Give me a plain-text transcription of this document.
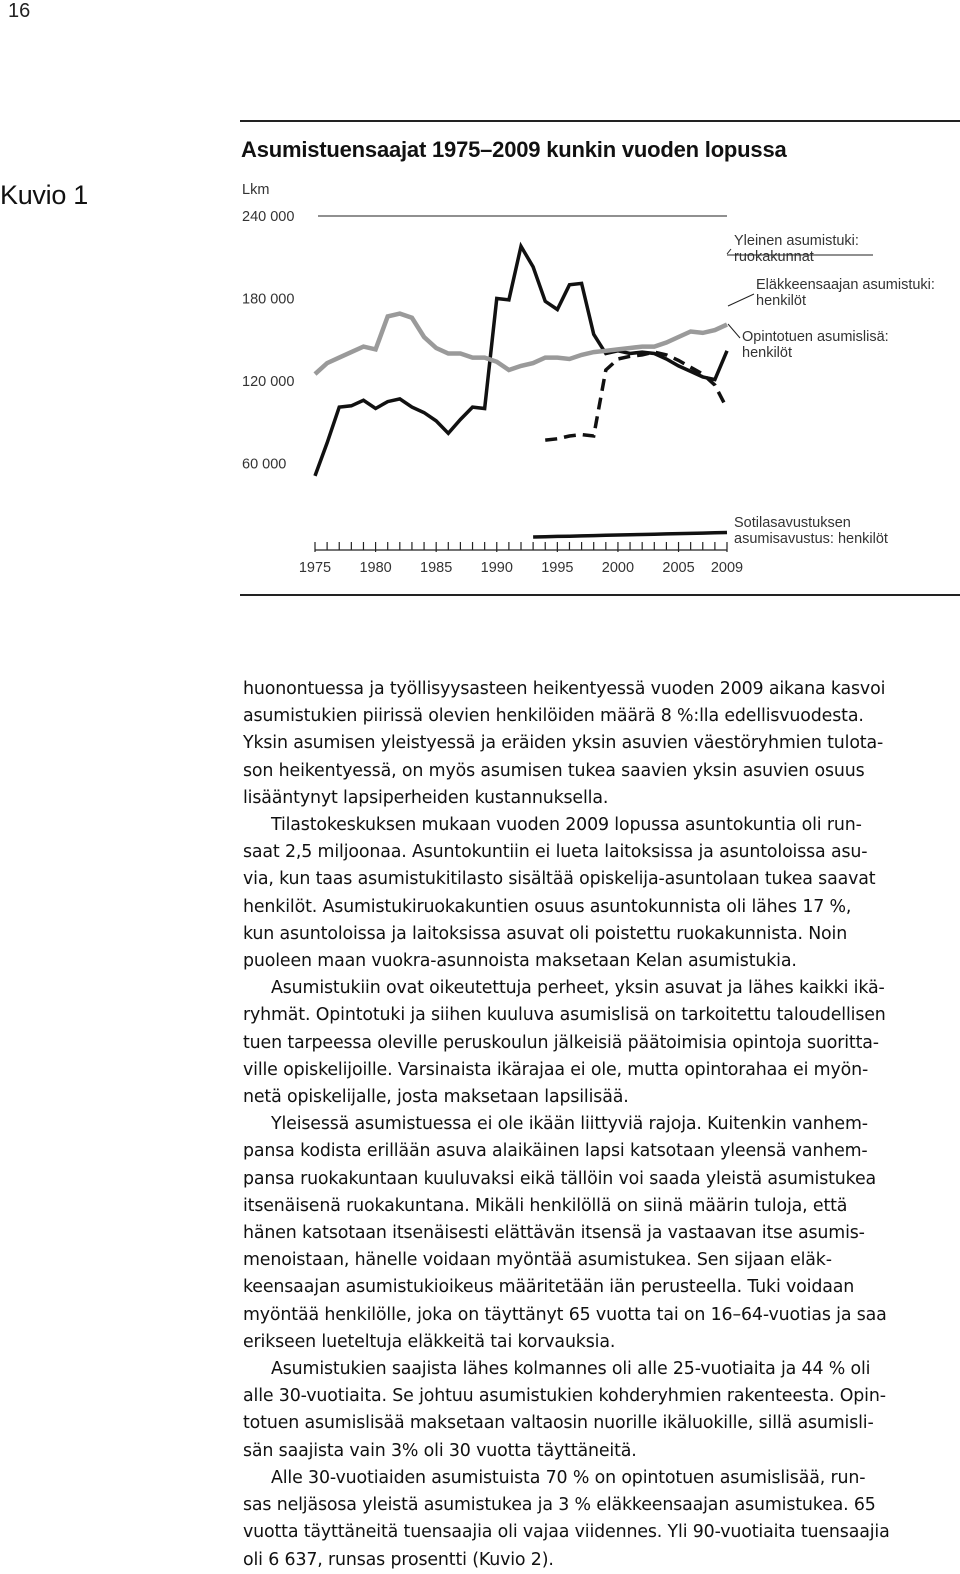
16
Kuvio 1
Asumistuensaajat 1975–2009 kunkin vuoden lopussa
Lkm
60 000
120 000
180 000
240 000
1975 1980 1985 1990 1995 2000 2005 2009
Yleinen asumistuki:
ruokakunnat
Eläkkeensaajan asumistuki:
henkilöt
Opintotuen asumislisä:
henkilöt
Sotilasavustuksen
asumisavustus: henkilöt
huonontuessa ja työllisyysasteen heikentyessä vuoden 2009 aikana kasvoi
asumistukien piirissä olevien henkilöiden määrä 8 %:lla edellisvuodesta.
Yksin asumisen yleistyessä ja eräiden yksin asuvien väestöryhmien tulota-
son heikentyessä, on myös asumisen tukea saavien yksin asuvien osuus
lisääntynyt lapsiperheiden kustannuksella.
Tilastokeskuksen mukaan vuoden 2009 lopussa asuntokuntia oli run-
saat 2,5 miljoonaa. Asuntokuntiin ei lueta laitoksissa ja asuntoloissa asu-
via, kun taas asumistukitilasto sisältää opiskelija-asuntolaan tukea saavat
henkilöt. Asumistukiruokakuntien osuus asuntokunnista oli lähes 17 %,
kun asuntoloissa ja laitoksissa asuvat oli poistettu ruokakunnista. Noin
puoleen maan vuokra-asunnoista maksetaan Kelan asumistukia.
Asumistukiin ovat oikeutettuja perheet, yksin asuvat ja lähes kaikki ikä-
ryhmät. Opintotuki ja siihen kuuluva asumislisä on tarkoitettu taloudellisen
tuen tarpeessa oleville peruskoulun jälkeisiä päätoimisia opintoja suoritta-
ville opiskelijoille. Varsinaista ikärajaa ei ole, mutta opintorahaa ei myön-
netä opiskelijalle, josta maksetaan lapsilisää.
Yleisessä asumistuessa ei ole ikään liittyviä rajoja. Kuitenkin vanhem-
pansa kodista erillään asuva alaikäinen lapsi katsotaan yleensä vanhem-
pansa ruokakuntaan kuuluvaksi eikä tällöin voi saada yleistä asumistukea
itsenäisenä ruokakuntana. Mikäli henkilöllä on siinä määrin tuloja, että
hänen katsotaan itsenäisesti elättävän itsensä ja vastaavan itse asumis-
menoistaan, hänelle voidaan myöntää asumistukea. Sen sijaan eläk-
keensaajan asumistukioikeus määritetään iän perusteella. Tuki voidaan
myöntää henkilölle, joka on täyttänyt 65 vuotta tai on 16–64-vuotias ja saa
erikseen lueteltuja eläkkeitä tai korvauksia.
Asumistukien saajista lähes kolmannes oli alle 25-vuotiaita ja 44 % oli
alle 30-vuotiaita. Se johtuu asumistukien kohderyhmien rakenteesta. Opin-
totuen asumislisää maksetaan valtaosin nuorille ikäluokille, sillä asumisli-
sän saajista vain 3% oli 30 vuotta täyttäneitä.
Alle 30-vuotiaiden asumistuista 70 % on opintotuen asumislisää, run-
sas neljäsosa yleistä asumistukea ja 3 % eläkkeensaajan asumistukea. 65
vuotta täyttäneitä tuensaajia oli vajaa viidennes. Yli 90-vuotiaita tuensaajia
oli 6 637, runsas prosentti (Kuvio 2).
